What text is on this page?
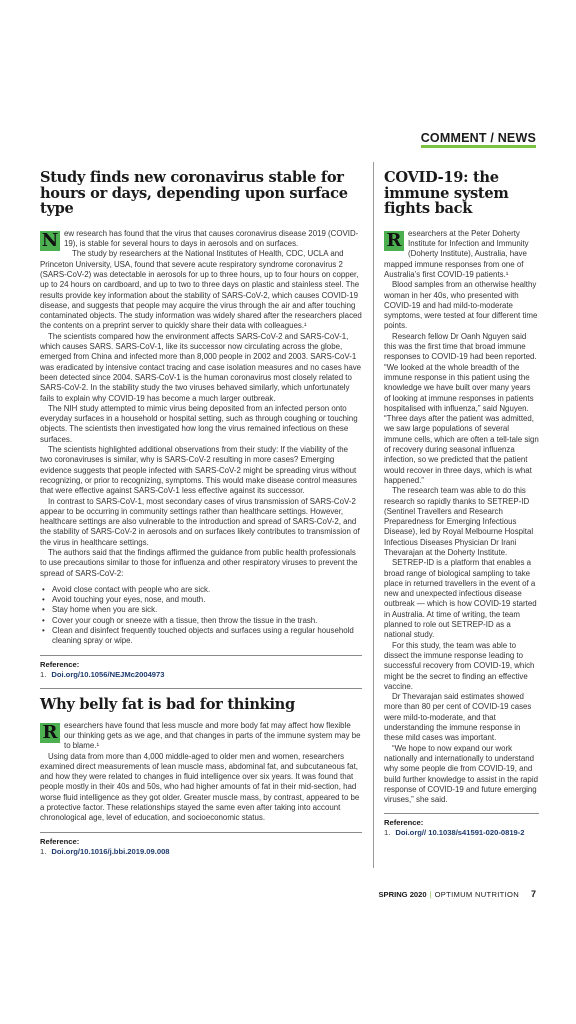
COMMENT / NEWS
Study finds new coronavirus stable for hours or days, depending upon surface type

New research has found that the virus that causes coronavirus disease 2019 (COVID-19), is stable for several hours to days in aerosols and on surfaces.

The study by researchers at the National Institutes of Health, CDC, UCLA and Princeton University, USA, found that severe acute respiratory syndrome coronavirus 2 (SARS-CoV-2) was detectable in aerosols for up to three hours, up to four hours on copper, up to 24 hours on cardboard, and up to two to three days on plastic and stainless steel. The results provide key information about the stability of SARS-CoV-2, which causes COVID-19 disease, and suggests that people may acquire the virus through the air and after touching contaminated objects. The study information was widely shared after the researchers placed the contents on a preprint server to quickly share their data with colleagues.¹

The scientists compared how the environment affects SARS-CoV-2 and SARS-CoV-1, which causes SARS. SARS-CoV-1, like its successor now circulating across the globe, emerged from China and infected more than 8,000 people in 2002 and 2003. SARS-CoV-1 was eradicated by intensive contact tracing and case isolation measures and no cases have been detected since 2004. SARS-CoV-1 is the human coronavirus most closely related to SARS-CoV-2. In the stability study the two viruses behaved similarly, which unfortunately fails to explain why COVID-19 has become a much larger outbreak.

The NIH study attempted to mimic virus being deposited from an infected person onto everyday surfaces in a household or hospital setting, such as through coughing or touching objects. The scientists then investigated how long the virus remained infectious on these surfaces.

The scientists highlighted additional observations from their study: If the viability of the two coronaviruses is similar, why is SARS-CoV-2 resulting in more cases? Emerging evidence suggests that people infected with SARS-CoV-2 might be spreading virus without recognizing, or prior to recognizing, symptoms. This would make disease control measures that were effective against SARS-CoV-1 less effective against its successor.

In contrast to SARS-CoV-1, most secondary cases of virus transmission of SARS-CoV-2 appear to be occurring in community settings rather than healthcare settings. However, healthcare settings are also vulnerable to the introduction and spread of SARS-CoV-2, and the stability of SARS-CoV-2 in aerosols and on surfaces likely contributes to transmission of the virus in healthcare settings.

The authors said that the findings affirmed the guidance from public health professionals to use precautions similar to those for influenza and other respiratory viruses to prevent the spread of SARS-CoV-2:

• Avoid close contact with people who are sick.
• Avoid touching your eyes, nose, and mouth.
• Stay home when you are sick.
• Cover your cough or sneeze with a tissue, then throw the tissue in the trash.
• Clean and disinfect frequently touched objects and surfaces using a regular household cleaning spray or wipe.
Reference:
1. Doi.org/10.1056/NEJMc2004973
Why belly fat is bad for thinking

Researchers have found that less muscle and more body fat may affect how flexible our thinking gets as we age, and that changes in parts of the immune system may be to blame.¹

Using data from more than 4,000 middle-aged to older men and women, researchers examined direct measurements of lean muscle mass, abdominal fat, and subcutaneous fat, and how they were related to changes in fluid intelligence over six years. It was found that people mostly in their 40s and 50s, who had higher amounts of fat in their mid-section, had worse fluid intelligence as they got older. Greater muscle mass, by contrast, appeared to be a protective factor. These relationships stayed the same even after taking into account chronological age, level of education, and socioeconomic status.

Reference:
1. Doi.org/10.1016/j.bbi.2019.09.008
COVID-19: the immune system fights back

Researchers at the Peter Doherty Institute for Infection and Immunity (Doherty Institute), Australia, have mapped immune responses from one of Australia’s first COVID-19 patients.¹

Blood samples from an otherwise healthy woman in her 40s, who presented with COVID-19 and had mild-to-moderate symptoms, were tested at four different time points.

Research fellow Dr Oanh Nguyen said this was the first time that broad immune responses to COVID-19 had been reported. “We looked at the whole breadth of the immune response in this patient using the knowledge we have built over many years of looking at immune responses in patients hospitalised with influenza,” said Nguyen. “Three days after the patient was admitted, we saw large populations of several immune cells, which are often a tell-tale sign of recovery during seasonal influenza infection, so we predicted that the patient would recover in three days, which is what happened.”

The research team was able to do this research so rapidly thanks to SETREP-ID (Sentinel Travellers and Research Preparedness for Emerging Infectious Disease), led by Royal Melbourne Hospital Infectious Diseases Physician Dr Irani Thevarajan at the Doherty Institute.

SETREP-ID is a platform that enables a broad range of biological sampling to take place in returned travellers in the event of a new and unexpected infectious disease outbreak — which is how COVID-19 started in Australia. At time of writing, the team planned to role out SETREP-ID as a national study.

For this study, the team was able to dissect the immune response leading to successful recovery from COVID-19, which might be the secret to finding an effective vaccine.

Dr Thevarajan said estimates showed more than 80 per cent of COVID-19 cases were mild-to-moderate, and that understanding the immune response in these mild cases was important.

“We hope to now expand our work nationally and internationally to understand why some people die from COVID-19, and build further knowledge to assist in the rapid response of COVID-19 and future emerging viruses,” she said.

Reference:
1. Doi.org// 10.1038/s41591-020-0819-2
SPRING 2020 | OPTIMUM NUTRITION 7
